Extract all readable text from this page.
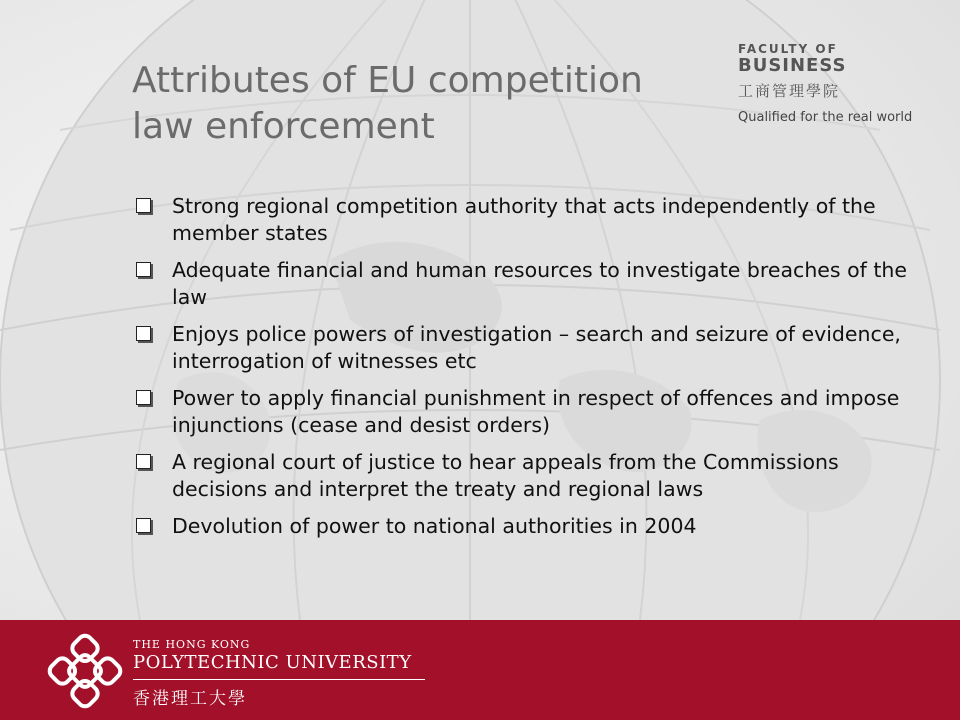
Attributes of EU competition
law enforcement
FACULTY OF
BUSINESS
工商管理學院
Qualified for the real world
Strong regional competition authority that acts independently of the member states
Adequate financial and human resources to investigate breaches of the law
Enjoys police powers of investigation – search and seizure of evidence, interrogation of witnesses etc
Power to apply financial punishment in respect of offences and impose injunctions (cease and desist orders)
A regional court of justice to hear appeals from the Commissions decisions and interpret the treaty and regional laws
Devolution of power to national authorities in 2004
THE HONG KONG
POLYTECHNIC UNIVERSITY
香港理工大學
